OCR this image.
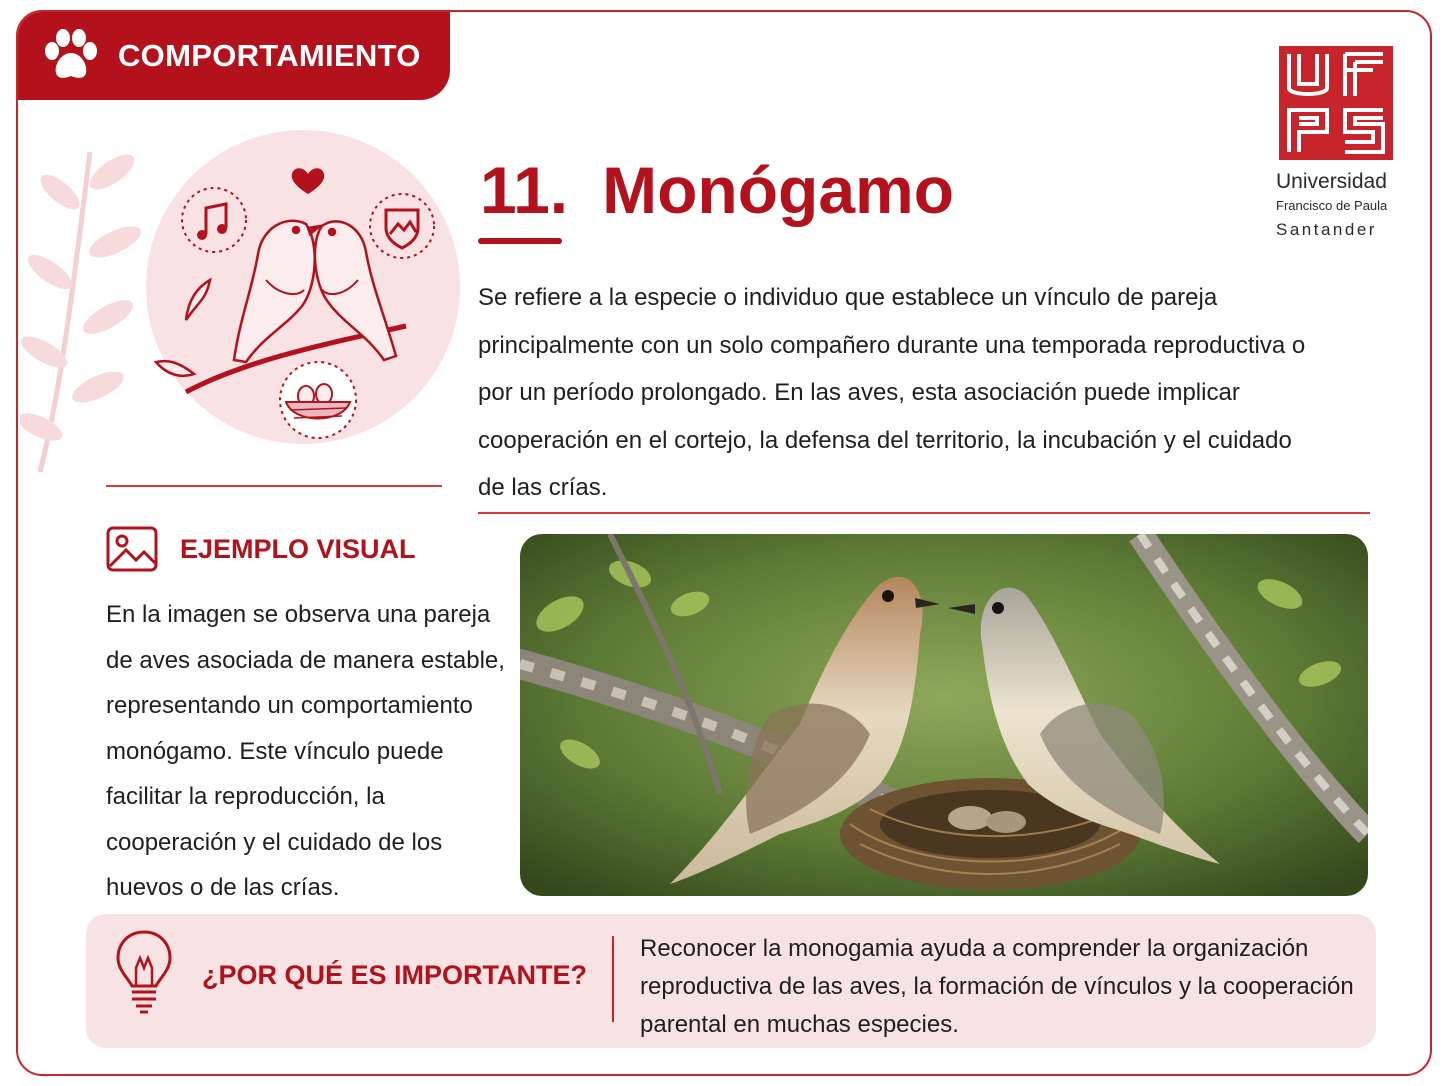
COMPORTAMIENTO
11. Monógamo
UFPS
Universidad
Francisco de Paula
Santander

Se refiere a la especie o individuo que establece un vínculo de pareja principalmente con un solo compañero durante una temporada reproductiva o por un período prolongado. En las aves, esta asociación puede implicar cooperación en el cortejo, la defensa del territorio, la incubación y el cuidado de las crías.

EJEMPLO VISUAL

En la imagen se observa una pareja de aves asociada de manera estable, representando un comportamiento monógamo. Este vínculo puede facilitar la reproducción, la cooperación y el cuidado de los huevos o de las crías.

¿POR QUÉ ES IMPORTANTE?

Reconocer la monogamia ayuda a comprender la organización reproductiva de las aves, la formación de vínculos y la cooperación parental en muchas especies.
